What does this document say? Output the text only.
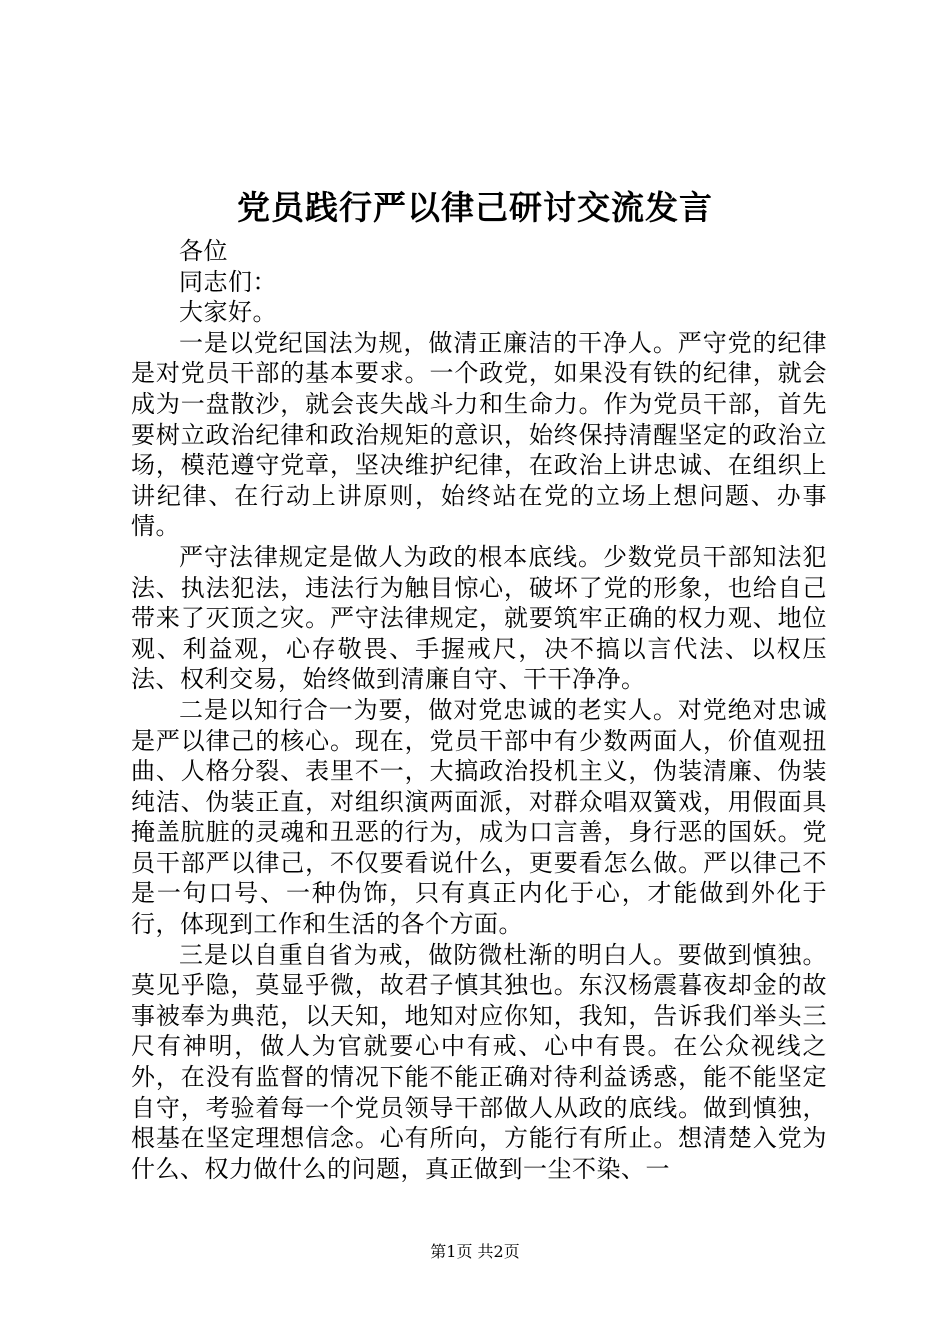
党员践行严以律己研讨交流发言

各位

同志们：

大家好。

一是以党纪国法为规，做清正廉洁的干净人。严守党的纪律是对党员干部的基本要求。一个政党，如果没有铁的纪律，就会成为一盘散沙，就会丧失战斗力和生命力。作为党员干部，首先要树立政治纪律和政治规矩的意识，始终保持清醒坚定的政治立场，模范遵守党章，坚决维护纪律，在政治上讲忠诚、在组织上讲纪律、在行动上讲原则，始终站在党的立场上想问题、办事情。

严守法律规定是做人为政的根本底线。少数党员干部知法犯法、执法犯法，违法行为触目惊心，破坏了党的形象，也给自己带来了灭顶之灾。严守法律规定，就要筑牢正确的权力观、地位观、利益观，心存敬畏、手握戒尺，决不搞以言代法、以权压法、权利交易，始终做到清廉自守、干干净净。

二是以知行合一为要，做对党忠诚的老实人。对党绝对忠诚是严以律己的核心。现在，党员干部中有少数两面人，价值观扭曲、人格分裂、表里不一，大搞政治投机主义，伪装清廉、伪装纯洁、伪装正直，对组织演两面派，对群众唱双簧戏，用假面具掩盖肮脏的灵魂和丑恶的行为，成为口言善，身行恶的国妖。党员干部严以律己，不仅要看说什么，更要看怎么做。严以律己不是一句口号、一种伪饰，只有真正内化于心，才能做到外化于行，体现到工作和生活的各个方面。

三是以自重自省为戒，做防微杜渐的明白人。要做到慎独。莫见乎隐，莫显乎微，故君子慎其独也。东汉杨震暮夜却金的故事被奉为典范，以天知，地知对应你知，我知，告诉我们举头三尺有神明，做人为官就要心中有戒、心中有畏。在公众视线之外，在没有监督的情况下能不能正确对待利益诱惑，能不能坚定自守，考验着每一个党员领导干部做人从政的底线。做到慎独，根基在坚定理想信念。心有所向，方能行有所止。想清楚入党为什么、权力做什么的问题，真正做到一尘不染、一

第1页 共2页
